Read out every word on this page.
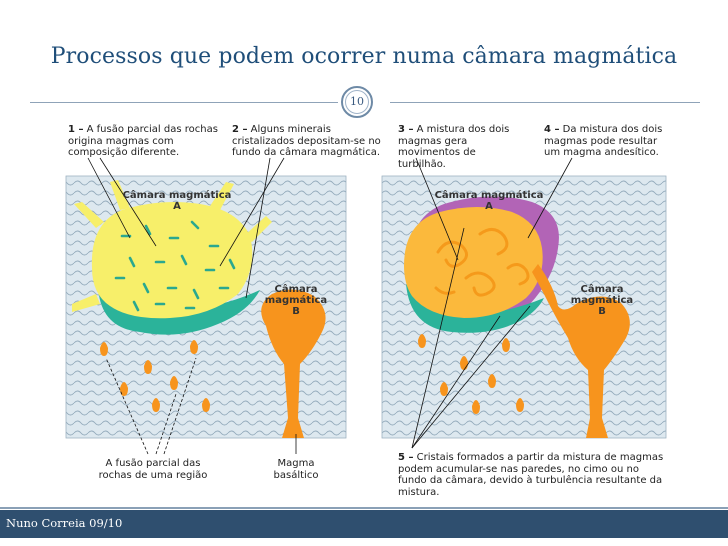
Processos que podem ocorrer numa câmara magmática
10
Câmara magmática
A
Câmara magmática
B
Câmara magmática
A
Câmara magmática
B
1 – A fusão parcial das rochas origina magmas com composição diferente.
2 – Alguns minerais cristalizados depositam-se no fundo da câmara magmática.
3 – A mistura dos dois magmas gera movimentos de turbilhão.
4 – Da mistura dos dois magmas pode resultar um magma andesítico.
A fusão parcial das rochas de uma região
Magma
basáltico
5 – Cristais formados a partir da mistura de magmas podem acumular-se nas paredes, no cimo ou no fundo da câmara, devido à turbulência resultante da mistura.
Nuno Correia 09/10
